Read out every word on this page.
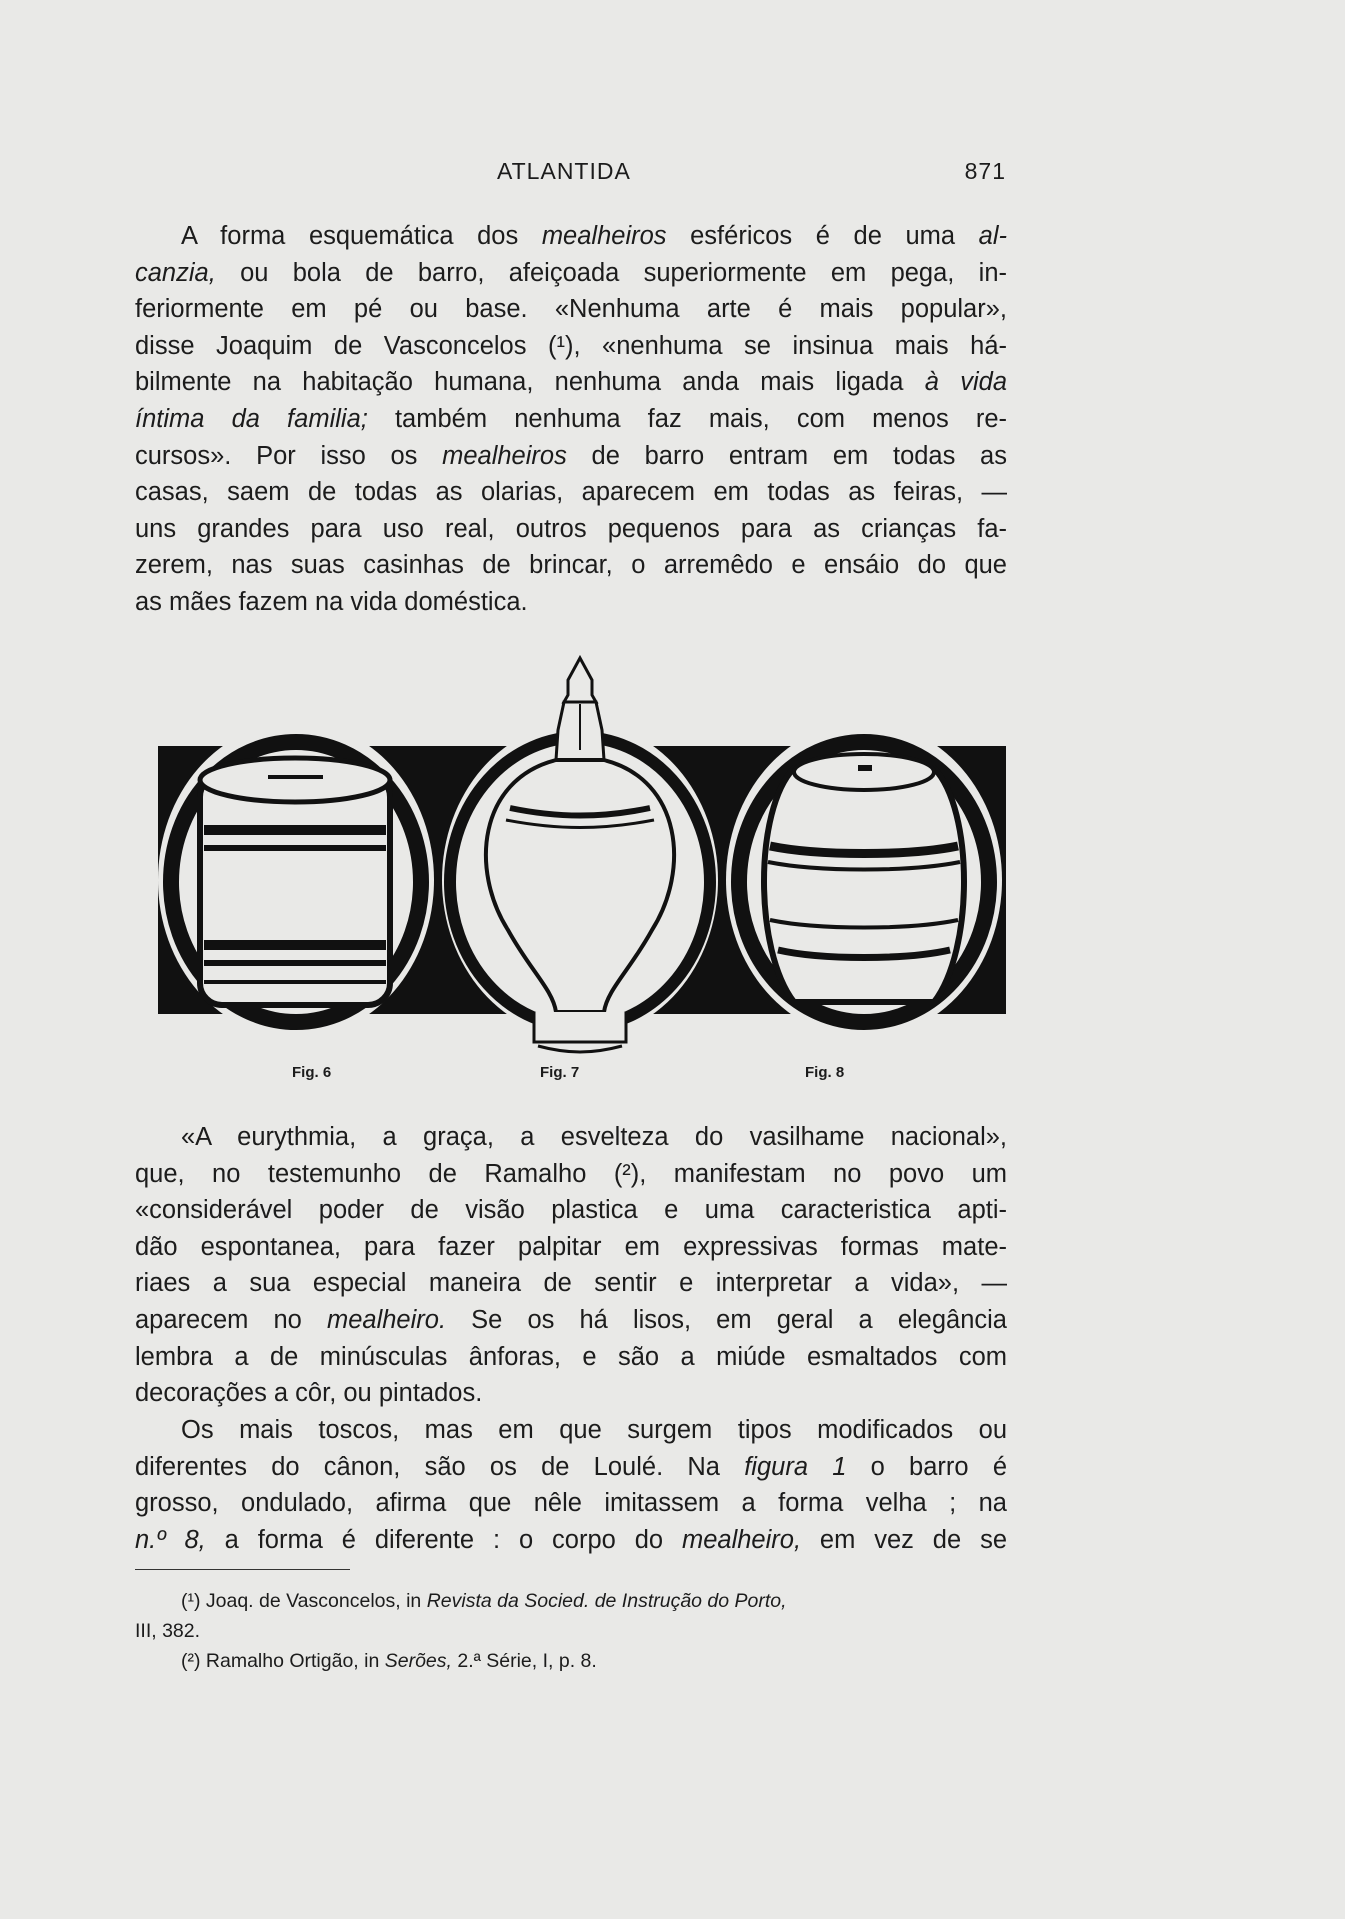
ATLANTIDA	871
A forma esquemática dos mealheiros esféricos é de uma al-
canzia, ou bola de barro, afeiçoada superiormente em pega, in-
feriormente em pé ou base. «Nenhuma arte é mais popular»,
disse Joaquim de Vasconcelos (¹), «nenhuma se insinua mais há-
bilmente na habitação humana, nenhuma anda mais ligada à vida
íntima da familia; também nenhuma faz mais, com menos re-
cursos». Por isso os mealheiros de barro entram em todas as
casas, saem de todas as olarias, aparecem em todas as feiras, —
uns grandes para uso real, outros pequenos para as crianças fa-
zerem, nas suas casinhas de brincar, o arremêdo e ensáio do que
as mães fazem na vida doméstica.
Fig. 6	Fig. 7	Fig. 8
«A eurythmia, a graça, a esvelteza do vasilhame nacional»,
que, no testemunho de Ramalho (²), manifestam no povo um
«considerável poder de visão plastica e uma caracteristica apti-
dão espontanea, para fazer palpitar em expressivas formas mate-
riaes a sua especial maneira de sentir e interpretar a vida», —
aparecem no mealheiro. Se os há lisos, em geral a elegância
lembra a de minúsculas ânforas, e são a miúde esmaltados com
decorações a côr, ou pintados.
Os mais toscos, mas em que surgem tipos modificados ou
diferentes do cânon, são os de Loulé. Na figura 1 o barro é
grosso, ondulado, afirma que nêle imitassem a forma velha ; na
n.º 8, a forma é diferente : o corpo do mealheiro, em vez de se
(¹) Joaq. de Vasconcelos, in Revista da Socied. de Instrução do Porto,
III, 382.
(²) Ramalho Ortigão, in Serões, 2.ª Série, I, p. 8.
